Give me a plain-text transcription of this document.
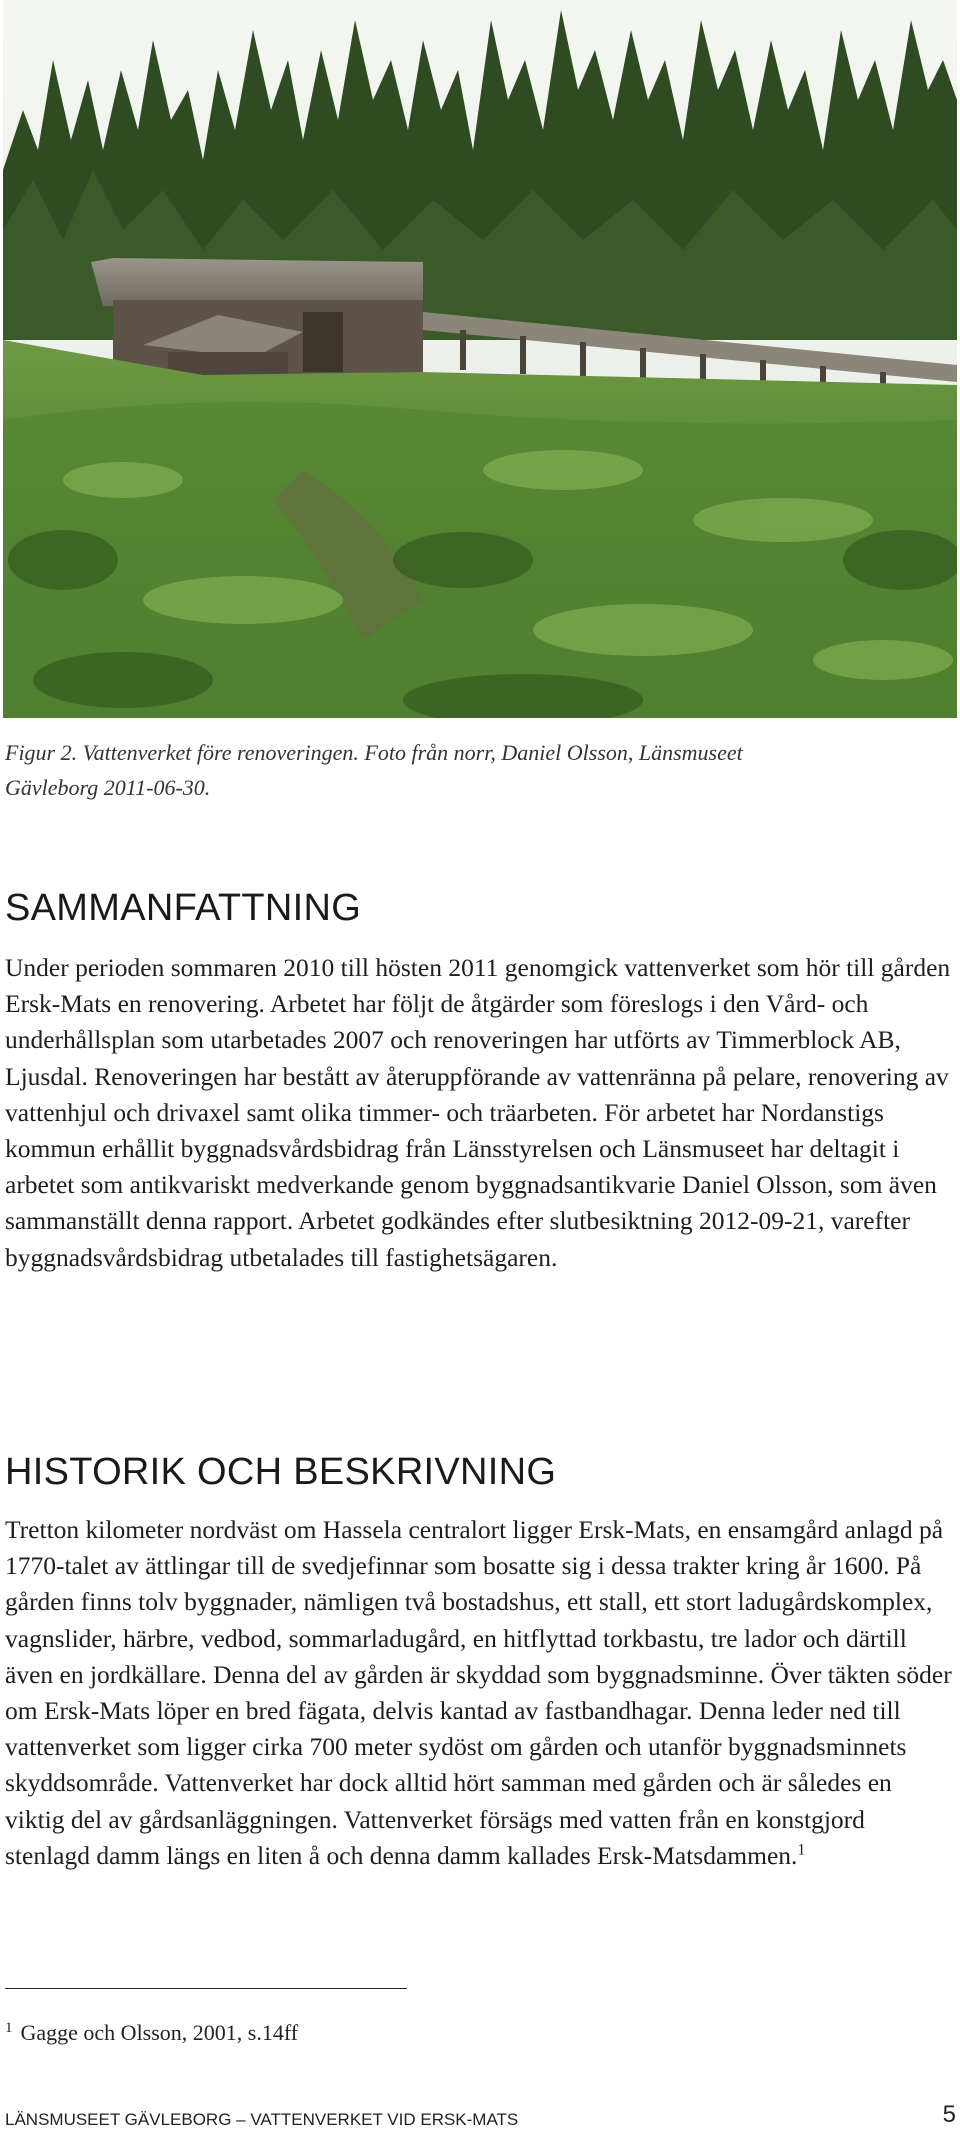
Figur 2. Vattenverket före renoveringen. Foto från norr, Daniel Olsson, Länsmuseet
Gävleborg 2011-06-30.
SAMMANFATTNING

Under perioden sommaren 2010 till hösten 2011 genomgick vattenverket som hör till gården Ersk-Mats en renovering. Arbetet har följt de åtgärder som föreslogs i den Vård- och underhållsplan som utarbetades 2007 och renoveringen har utförts av Timmerblock AB, Ljusdal. Renoveringen har bestått av återuppförande av vattenränna på pelare, renovering av vattenhjul och drivaxel samt olika timmer- och träarbeten. För arbetet har Nordanstigs kommun erhållit byggnadsvårdsbidrag från Länsstyrelsen och Länsmuseet har deltagit i arbetet som antikvariskt medverkande genom byggnadsantikvarie Daniel Olsson, som även sammanställt denna rapport. Arbetet godkändes efter slutbesiktning 2012-09-21, varefter byggnadsvårdsbidrag utbetalades till fastighetsägaren.

HISTORIK OCH BESKRIVNING

Tretton kilometer nordväst om Hassela centralort ligger Ersk-Mats, en ensamgård anlagd på 1770-talet av ättlingar till de svedjefinnar som bosatte sig i dessa trakter kring år 1600. På gården finns tolv byggnader, nämligen två bostadshus, ett stall, ett stort ladugårdskomplex, vagnslider, härbre, vedbod, sommarladugård, en hitflyttad torkbastu, tre lador och därtill även en jordkällare. Denna del av gården är skyddad som byggnadsminne. Över täkten söder om Ersk-Mats löper en bred fägata, delvis kantad av fastbandhagar. Denna leder ned till vattenverket som ligger cirka 700 meter sydöst om gården och utanför byggnadsminnets skyddsområde. Vattenverket har dock alltid hört samman med gården och är således en viktig del av gårdsanläggningen. Vattenverket försägs med vatten från en konstgjord stenlagd damm längs en liten å och denna damm kallades Ersk-Matsdammen.$^1$

$^1$ Gagge och Olsson, 2001, s.14ff
LÄNSMUSEET GÄVLEBORG – VATTENVERKET VID ERSK-MATS	5
